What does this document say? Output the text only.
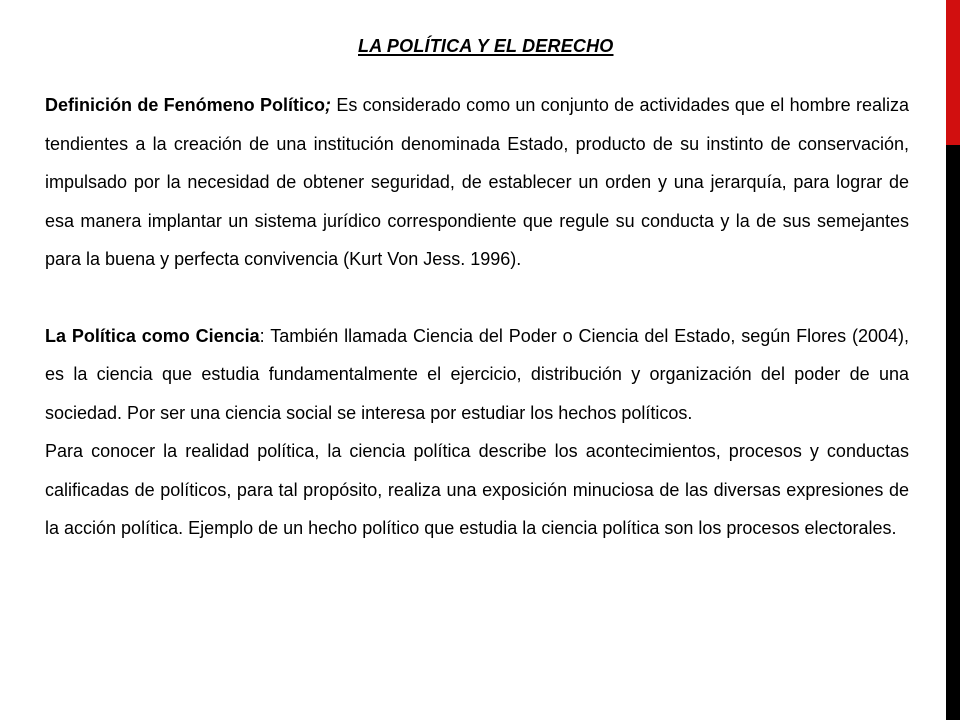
LA POLÍTICA Y EL DERECHO

Definición de Fenómeno Político; Es considerado como un conjunto de actividades que el hombre realiza tendientes a la creación de una institución denominada Estado, producto de su instinto de conservación, impulsado por la necesidad de obtener seguridad, de establecer un orden y una jerarquía, para lograr de esa manera implantar un sistema jurídico correspondiente que regule su conducta y la de sus semejantes para la buena y perfecta convivencia (Kurt Von Jess. 1996).

La Política como Ciencia: También llamada Ciencia del Poder o Ciencia del Estado, según Flores (2004), es la ciencia que estudia fundamentalmente el ejercicio, distribución y organización del poder de una sociedad. Por ser una ciencia social se interesa por estudiar los hechos políticos.

Para conocer la realidad política, la ciencia política describe los acontecimientos, procesos y conductas calificadas de políticos, para tal propósito, realiza una exposición minuciosa de las diversas expresiones de la acción política. Ejemplo de un hecho político que estudia la ciencia política son los procesos electorales.
